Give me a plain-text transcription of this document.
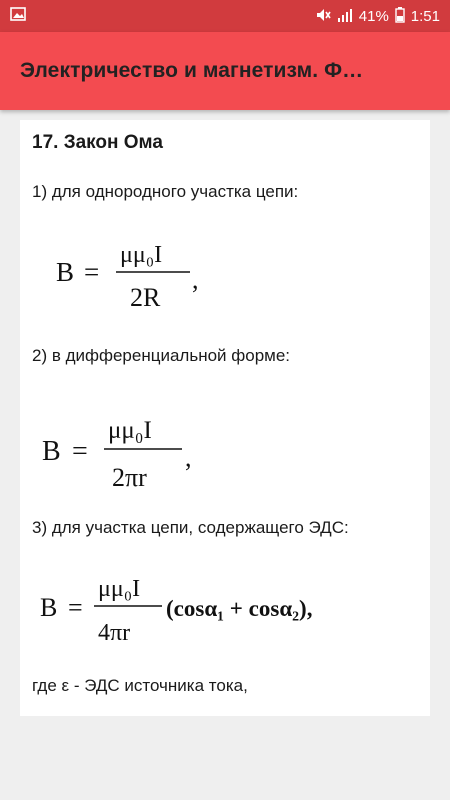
41% 1:51
Электричество и магнетизм. Ф…
17. Закон Ома
1) для однородного участка цепи:
B =
μμ₀I
2R
,
2) в дифференциальной форме:
B =
μμ₀I
2πr
,
3) для участка цепи, содержащего ЭДС:
B =
μμ₀I
4πr
(cosα₁ + cosα₂),
где ε - ЭДС источника тока,
